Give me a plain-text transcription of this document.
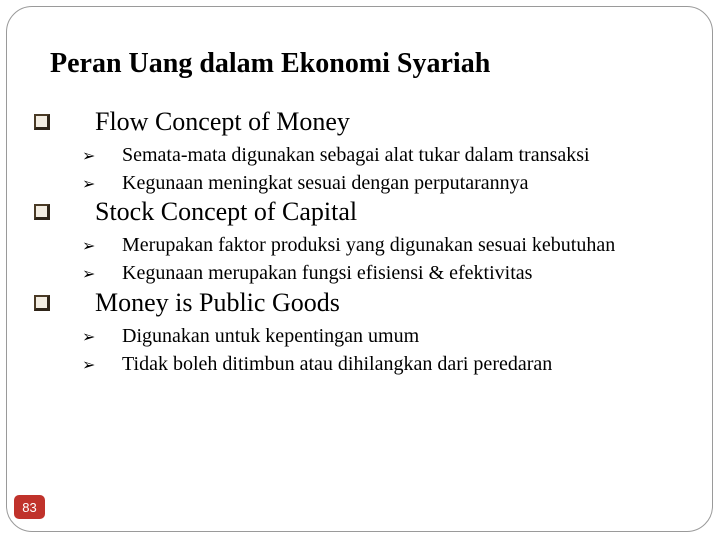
Peran Uang dalam Ekonomi Syariah
Flow Concept of Money
➢	Semata-mata digunakan sebagai alat tukar dalam transaksi
➢	Kegunaan meningkat sesuai dengan perputarannya
Stock Concept of Capital
➢	Merupakan faktor produksi yang digunakan sesuai kebutuhan
➢	Kegunaan merupakan fungsi efisiensi & efektivitas
Money is Public Goods
➢	Digunakan untuk kepentingan umum
➢	Tidak boleh ditimbun atau dihilangkan dari peredaran
83
